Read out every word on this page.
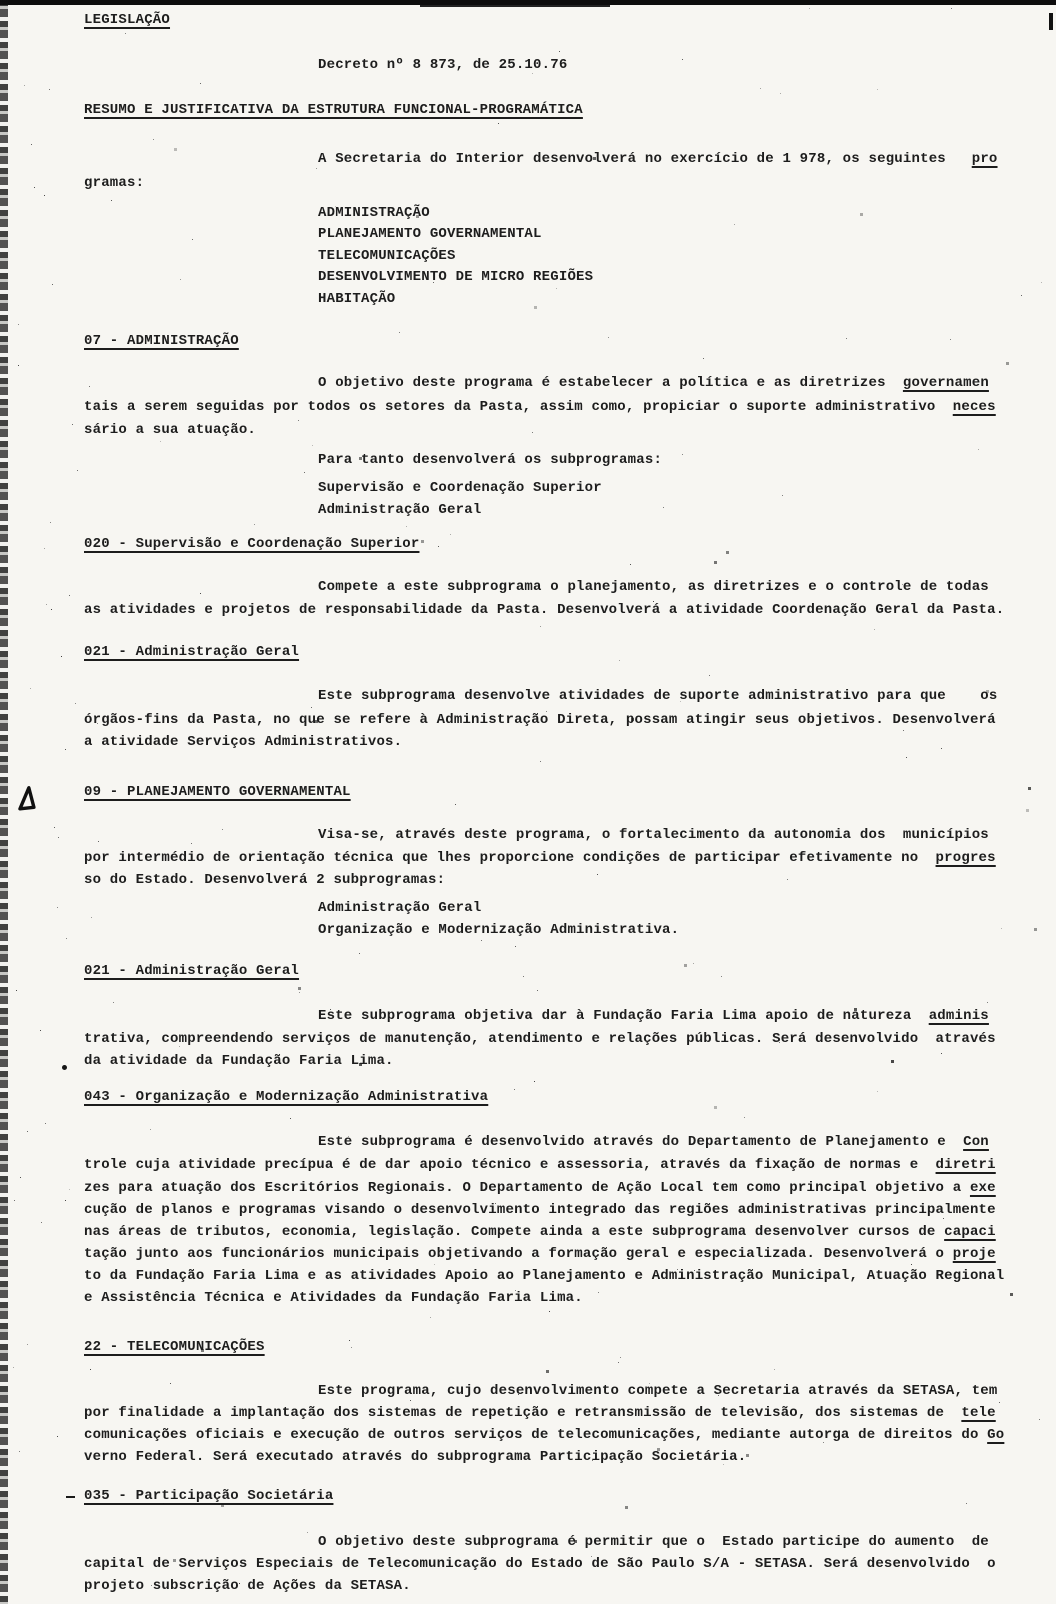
LEGISLAÇÃO
Decreto nº 8 873, de 25.10.76
RESUMO E JUSTIFICATIVA DA ESTRUTURA FUNCIONAL-PROGRAMÁTICA
A Secretaria do Interior desenvolverá no exercício de 1 978, os seguintes   pro
gramas:
ADMINISTRAÇÃO
PLANEJAMENTO GOVERNAMENTAL
TELECOMUNICAÇÕES
DESENVOLVIMENTO DE MICRO REGIÕES
HABITAÇÃO
07 - ADMINISTRAÇÃO
O objetivo deste programa é estabelecer a política e as diretrizes  governamen
tais a serem seguidas por todos os setores da Pasta, assim como, propiciar o suporte administrativo  neces
sário a sua atuação.
Para tanto desenvolverá os subprogramas:
Supervisão e Coordenação Superior
Administração Geral
020 - Supervisão e Coordenação Superior
Compete a este subprograma o planejamento, as diretrizes e o controle de todas
as atividades e projetos de responsabilidade da Pasta. Desenvolverá a atividade Coordenação Geral da Pasta.
021 - Administração Geral
Este subprograma desenvolve atividades de suporte administrativo para que    os
órgãos-fins da Pasta, no que se refere à Administração Direta, possam atingir seus objetivos. Desenvolverá
a atividade Serviços Administrativos.
09 - PLANEJAMENTO GOVERNAMENTAL
Visa-se, através deste programa, o fortalecimento da autonomia dos  municípios
por intermédio de orientação técnica que lhes proporcione condições de participar efetivamente no  progres
so do Estado. Desenvolverá 2 subprogramas:
Administração Geral
Organização e Modernização Administrativa.
021 - Administração Geral
Este subprograma objetiva dar à Fundação Faria Lima apoio de natureza  adminis
trativa, compreendendo serviços de manutenção, atendimento e relações públicas. Será desenvolvido  através
da atividade da Fundação Faria Lima.
043 - Organização e Modernização Administrativa
Este subprograma é desenvolvido através do Departamento de Planejamento e  Con
trole cuja atividade precípua é de dar apoio técnico e assessoria, através da fixação de normas e  diretri
zes para atuação dos Escritórios Regionais. O Departamento de Ação Local tem como principal objetivo a exe
cução de planos e programas visando o desenvolvimento integrado das regiões administrativas principalmente
nas áreas de tributos, economia, legislação. Compete ainda a este subprograma desenvolver cursos de capaci
tação junto aos funcionários municipais objetivando a formação geral e especializada. Desenvolverá o proje
to da Fundação Faria Lima e as atividades Apoio ao Planejamento e Administração Municipal, Atuação Regional
e Assistência Técnica e Atividades da Fundação Faria Lima.
22 - TELECOMUNICAÇÕES
Este programa, cujo desenvolvimento compete a Secretaria através da SETASA, tem
por finalidade a implantação dos sistemas de repetição e retransmissão de televisão, dos sistemas de  tele
comunicações oficiais e execução de outros serviços de telecomunicações, mediante autorga de direitos do Go
verno Federal. Será executado através do subprograma Participação Societária.
035 - Participação Societária
O objetivo deste subprograma é permitir que o  Estado participe do aumento  de
capital de Serviços Especiais de Telecomunicação do Estado de São Paulo S/A - SETASA. Será desenvolvido  o
projeto subscrição de Ações da SETASA.
